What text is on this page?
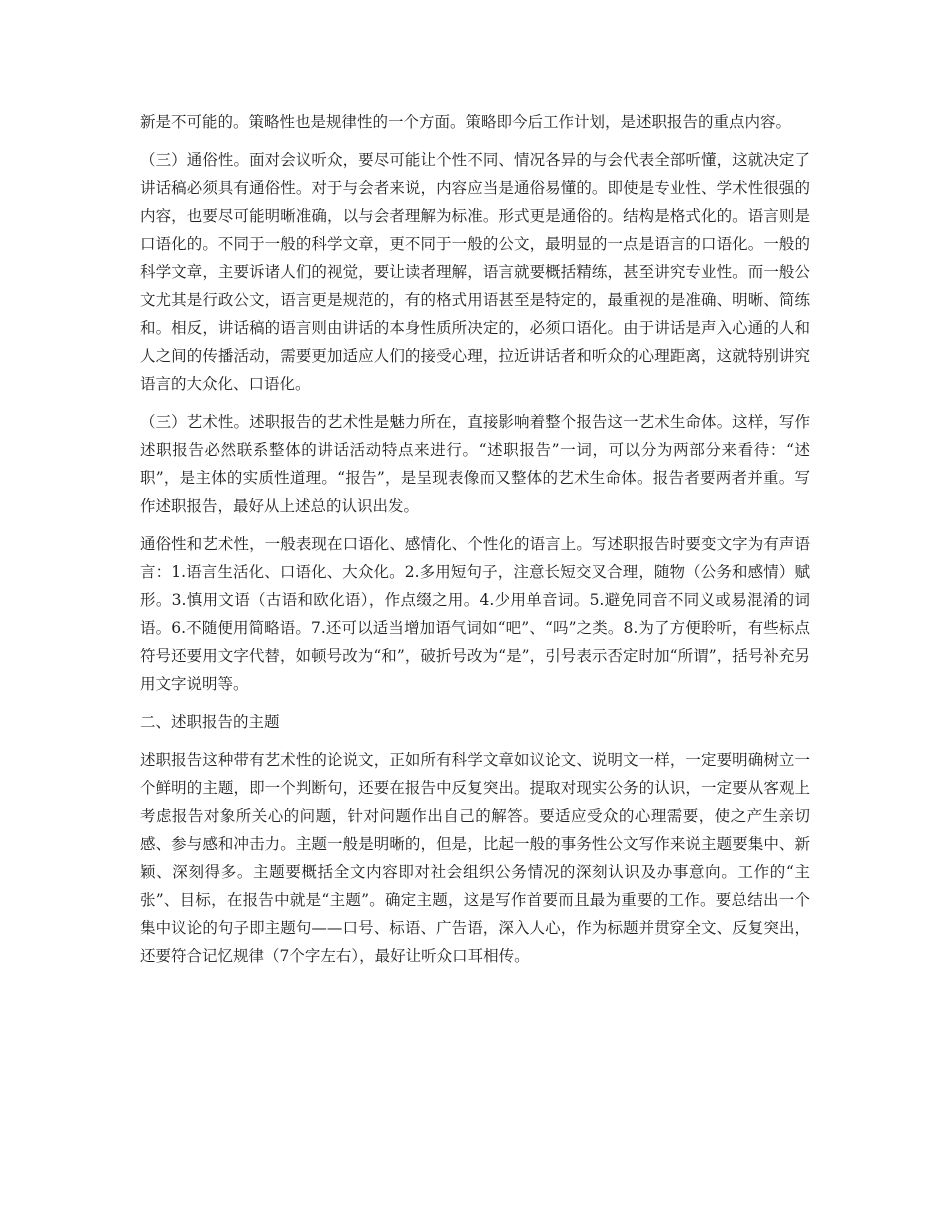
新是不可能的。策略性也是规律性的一个方面。策略即今后工作计划，是述职报告的重点内容。

（三）通俗性。面对会议听众，要尽可能让个性不同、情况各异的与会代表全部听懂，这就决定了讲话稿必须具有通俗性。对于与会者来说，内容应当是通俗易懂的。即使是专业性、学术性很强的内容，也要尽可能明晰准确，以与会者理解为标准。形式更是通俗的。结构是格式化的。语言则是口语化的。不同于一般的科学文章，更不同于一般的公文，最明显的一点是语言的口语化。一般的科学文章，主要诉诸人们的视觉，要让读者理解，语言就要概括精练，甚至讲究专业性。而一般公文尤其是行政公文，语言更是规范的，有的格式用语甚至是特定的，最重视的是准确、明晰、简练和。相反，讲话稿的语言则由讲话的本身性质所决定的，必须口语化。由于讲话是声入心通的人和人之间的传播活动，需要更加适应人们的接受心理，拉近讲话者和听众的心理距离，这就特别讲究语言的大众化、口语化。

（三）艺术性。述职报告的艺术性是魅力所在，直接影响着整个报告这一艺术生命体。这样，写作述职报告必然联系整体的讲话活动特点来进行。“述职报告”一词，可以分为两部分来看待：“述职”，是主体的实质性道理。“报告”，是呈现表像而又整体的艺术生命体。报告者要两者并重。写作述职报告，最好从上述总的认识出发。

通俗性和艺术性，一般表现在口语化、感情化、个性化的语言上。写述职报告时要变文字为有声语言：1.语言生活化、口语化、大众化。2.多用短句子，注意长短交叉合理，随物（公务和感情）赋形。3.慎用文语（古语和欧化语），作点缀之用。4.少用单音词。5.避免同音不同义或易混淆的词语。6.不随便用简略语。7.还可以适当增加语气词如“吧”、“吗”之类。8.为了方便聆听，有些标点符号还要用文字代替，如顿号改为“和”，破折号改为“是”，引号表示否定时加“所谓”，括号补充另用文字说明等。

二、述职报告的主题

述职报告这种带有艺术性的论说文，正如所有科学文章如议论文、说明文一样，一定要明确树立一个鲜明的主题，即一个判断句，还要在报告中反复突出。提取对现实公务的认识，一定要从客观上考虑报告对象所关心的问题，针对问题作出自己的解答。要适应受众的心理需要，使之产生亲切感、参与感和冲击力。主题一般是明晰的，但是，比起一般的事务性公文写作来说主题要集中、新颖、深刻得多。主题要概括全文内容即对社会组织公务情况的深刻认识及办事意向。工作的“主张”、目标，在报告中就是“主题”。确定主题，这是写作首要而且最为重要的工作。要总结出一个集中议论的句子即主题句——口号、标语、广告语，深入人心，作为标题并贯穿全文、反复突出，还要符合记忆规律（7个字左右），最好让听众口耳相传。
